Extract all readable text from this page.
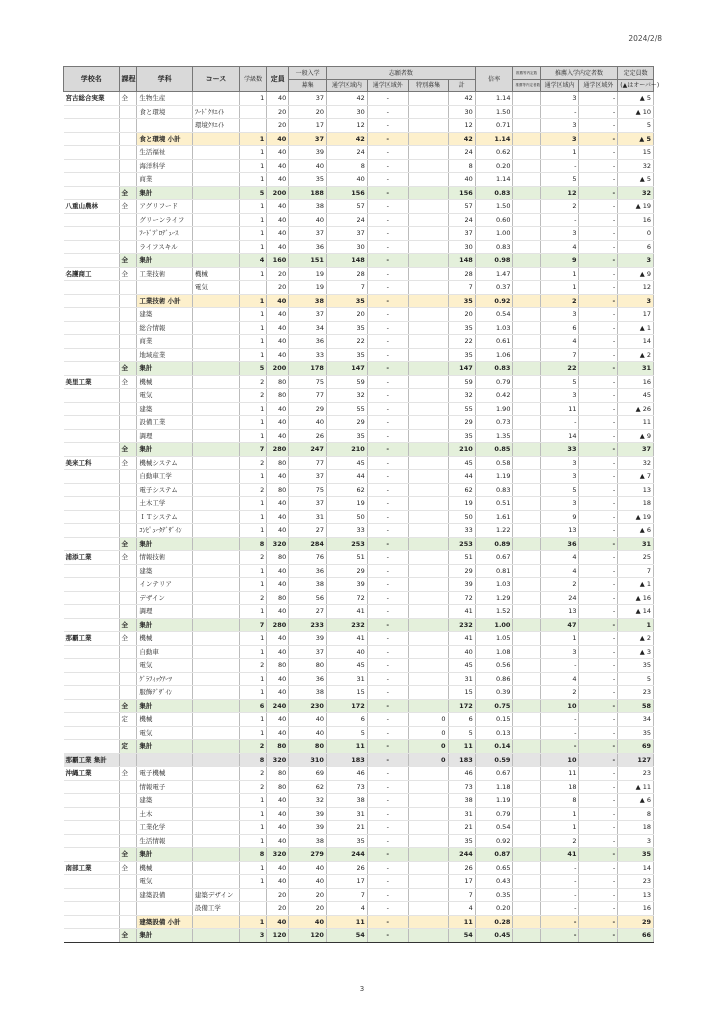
2024/2/8
学校名	課程	学科	コース	学級数	定員	一般入学	志願者数				倍率	推薦等内定数	推薦入学内定者数		定定員数
						募集	通学区域内	通学区域外	特別募集	計		推薦等内定者数	通学区域内	通学区域外	(▲はオーバー)
宮古総合実業	全	生物生産		1	40	37	42	-		42	1.14		3	-	▲ 5
		食と環境	ﾌｰﾄﾞｸﾘｴｲﾄ		20	20	30	-		30	1.50		-	-	▲ 10
			環境ｸﾘｴｲﾄ		20	17	12	-		12	0.71		3	-	5
		食と環境 小計		1	40	37	42	-		42	1.14		3	-	▲ 5
		生活福祉		1	40	39	24	-		24	0.62		1	-	15
		海洋科学		1	40	40	8	-		8	0.20		-	-	32
		商業		1	40	35	40	-		40	1.14		5	-	▲ 5
	全	集計		5	200	188	156	-		156	0.83		12	-	32
八重山農林	全	アグリフード		1	40	38	57	-		57	1.50		2	-	▲ 19
		グリーンライフ		1	40	40	24	-		24	0.60		-	-	16
		ﾌｰﾄﾞﾌﾟﾛﾃﾞｭｰｽ		1	40	37	37	-		37	1.00		3	-	0
		ライフスキル		1	40	36	30	-		30	0.83		4	-	6
	全	集計		4	160	151	148	-		148	0.98		9	-	3
名護商工	全	工業技術	機械	1	20	19	28	-		28	1.47		1	-	▲ 9
			電気		20	19	7	-		7	0.37		1	-	12
		工業技術 小計		1	40	38	35	-		35	0.92		2	-	3
		建築		1	40	37	20	-		20	0.54		3	-	17
		総合情報		1	40	34	35	-		35	1.03		6	-	▲ 1
		商業		1	40	36	22	-		22	0.61		4	-	14
		地域産業		1	40	33	35	-		35	1.06		7	-	▲ 2
	全	集計		5	200	178	147	-		147	0.83		22	-	31
美里工業	全	機械		2	80	75	59	-		59	0.79		5	-	16
		電気		2	80	77	32	-		32	0.42		3	-	45
		建築		1	40	29	55	-		55	1.90		11	-	▲ 26
		設備工業		1	40	40	29	-		29	0.73		-	-	11
		調理		1	40	26	35	-		35	1.35		14	-	▲ 9
	全	集計		7	280	247	210	-		210	0.85		33	-	37
美来工科	全	機械システム		2	80	77	45	-		45	0.58		3	-	32
		自動車工学		1	40	37	44	-		44	1.19		3	-	▲ 7
		電子システム		2	80	75	62	-		62	0.83		5	-	13
		土木工学		1	40	37	19	-		19	0.51		3	-	18
		ＩＴシステム		1	40	31	50	-		50	1.61		9	-	▲ 19
		ｺﾝﾋﾟｭｰﾀﾃﾞｻﾞｲﾝ		1	40	27	33	-		33	1.22		13	-	▲ 6
	全	集計		8	320	284	253	-		253	0.89		36	-	31
浦添工業	全	情報技術		2	80	76	51	-		51	0.67		4	-	25
		建築		1	40	36	29	-		29	0.81		4	-	7
		インテリア		1	40	38	39	-		39	1.03		2	-	▲ 1
		デザイン		2	80	56	72	-		72	1.29		24	-	▲ 16
		調理		1	40	27	41	-		41	1.52		13	-	▲ 14
	全	集計		7	280	233	232	-		232	1.00		47	-	1
那覇工業	全	機械		1	40	39	41	-		41	1.05		1	-	▲ 2
		自動車		1	40	37	40	-		40	1.08		3	-	▲ 3
		電気		2	80	80	45	-		45	0.56		-	-	35
		ｸﾞﾗﾌｨｯｸｱｰﾂ		1	40	36	31	-		31	0.86		4	-	5
		服飾ﾃﾞｻﾞｲﾝ		1	40	38	15	-		15	0.39		2	-	23
	全	集計		6	240	230	172	-		172	0.75		10	-	58
	定	機械		1	40	40	6	-	0	6	0.15		-	-	34
		電気		1	40	40	5	-	0	5	0.13		-	-	35
	定	集計		2	80	80	11	-	0	11	0.14		-	-	69
那覇工業 集計				8	320	310	183	-	0	183	0.59		10	-	127
沖縄工業	全	電子機械		2	80	69	46	-		46	0.67		11	-	23
		情報電子		2	80	62	73	-		73	1.18		18	-	▲ 11
		建築		1	40	32	38	-		38	1.19		8	-	▲ 6
		土木		1	40	39	31	-		31	0.79		1	-	8
		工業化学		1	40	39	21	-		21	0.54		1	-	18
		生活情報		1	40	38	35	-		35	0.92		2	-	3
	全	集計		8	320	279	244	-		244	0.87		41	-	35
南部工業	全	機械		1	40	40	26	-		26	0.65		-	-	14
		電気		1	40	40	17	-		17	0.43		-	-	23
		建築設備	建築デザイン		20	20	7	-		7	0.35		-	-	13
			設備工学		20	20	4	-		4	0.20		-	-	16
		建築設備 小計		1	40	40	11	-		11	0.28		-	-	29
	全	集計		3	120	120	54	-		54	0.45		-	-	66
3
